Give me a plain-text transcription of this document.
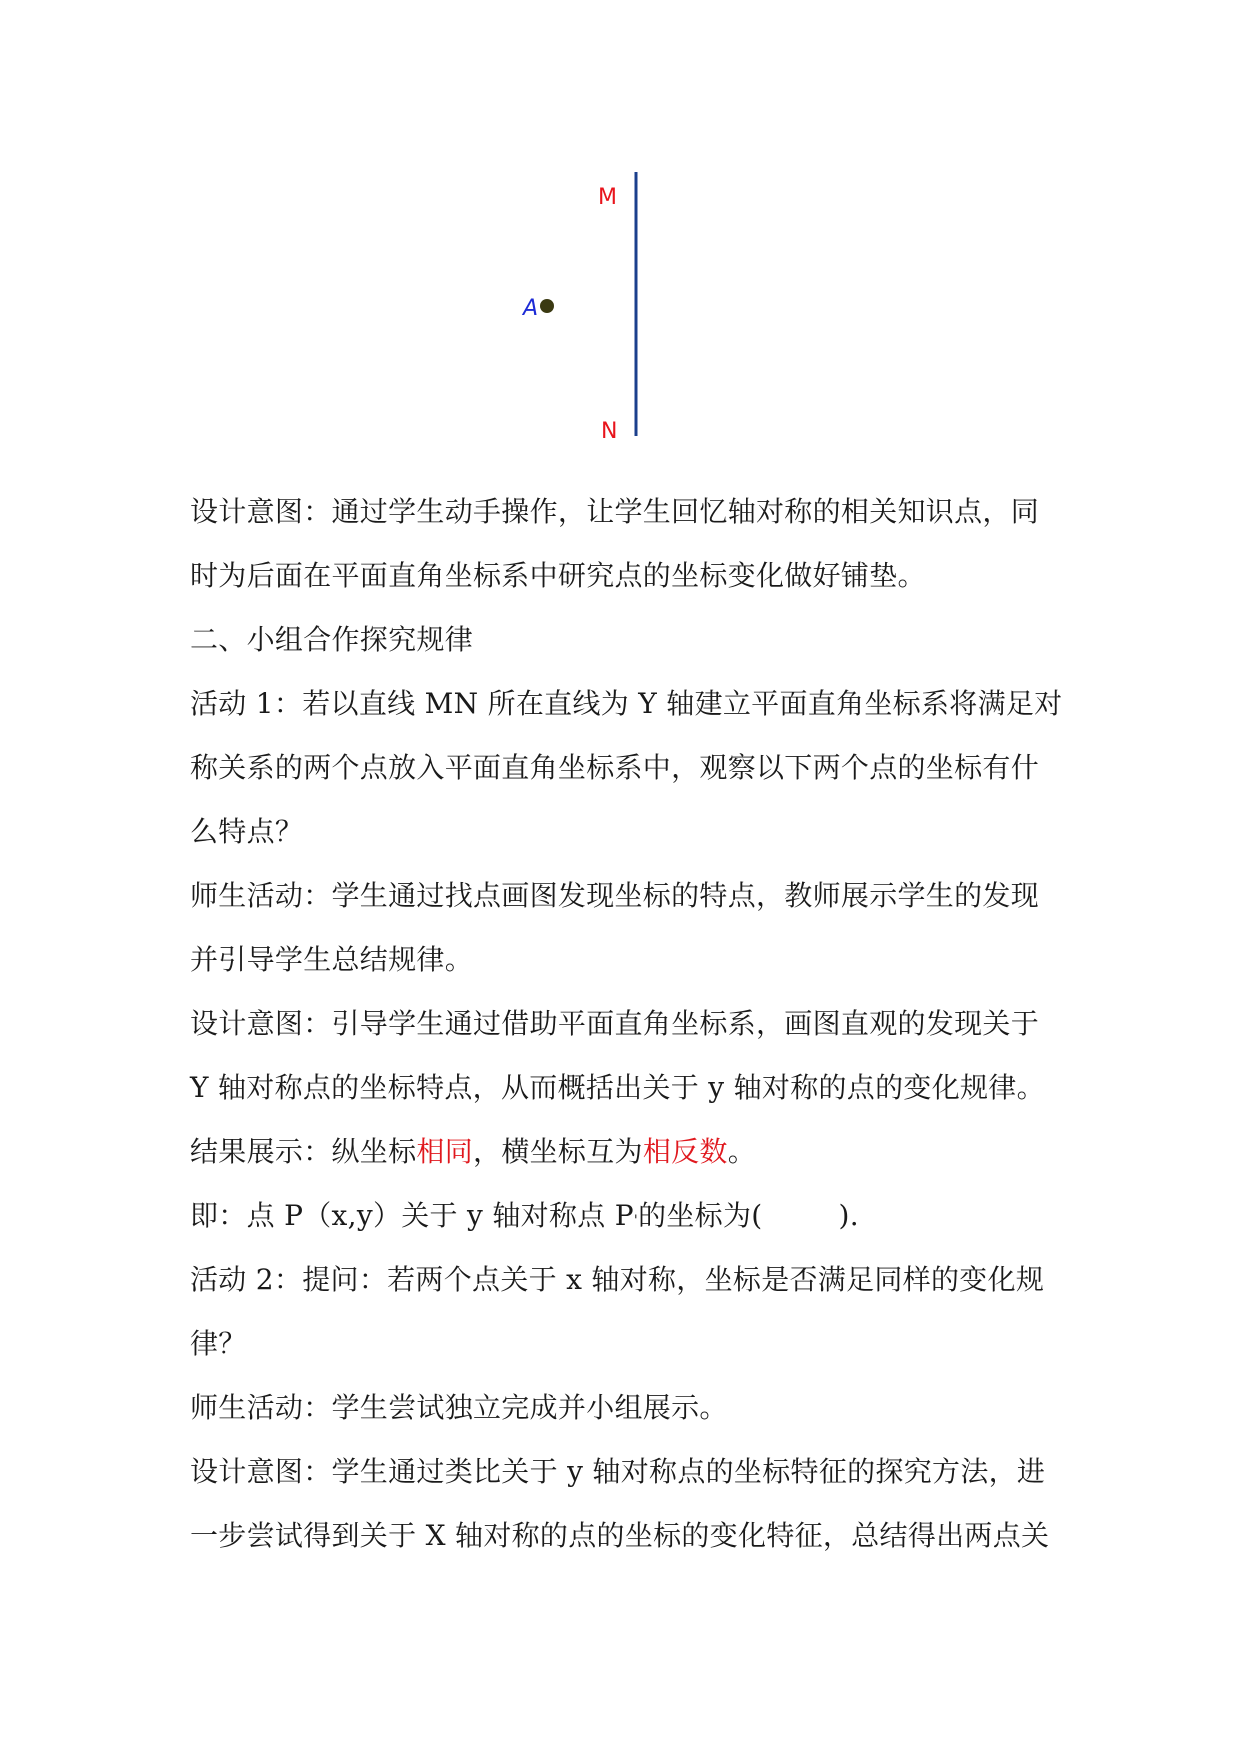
M
N
A
设计意图：通过学生动手操作，让学生回忆轴对称的相关知识点，同
时为后面在平面直角坐标系中研究点的坐标变化做好铺垫。
二、小组合作探究规律
活动 1：若以直线 MN 所在直线为 Y 轴建立平面直角坐标系将满足对
称关系的两个点放入平面直角坐标系中，观察以下两个点的坐标有什
么特点？
师生活动：学生通过找点画图发现坐标的特点，教师展示学生的发现
并引导学生总结规律。
设计意图：引导学生通过借助平面直角坐标系，画图直观的发现关于
Y 轴对称点的坐标特点，从而概括出关于 y 轴对称的点的变化规律。
结果展示：纵坐标相同，横坐标互为相反数。
即：点 P（x,y）关于 y 轴对称点 P'的坐标为(	).
活动 2：提问：若两个点关于 x 轴对称，坐标是否满足同样的变化规
律？
师生活动：学生尝试独立完成并小组展示。
设计意图：学生通过类比关于 y 轴对称点的坐标特征的探究方法，进
一步尝试得到关于 X 轴对称的点的坐标的变化特征，总结得出两点关
